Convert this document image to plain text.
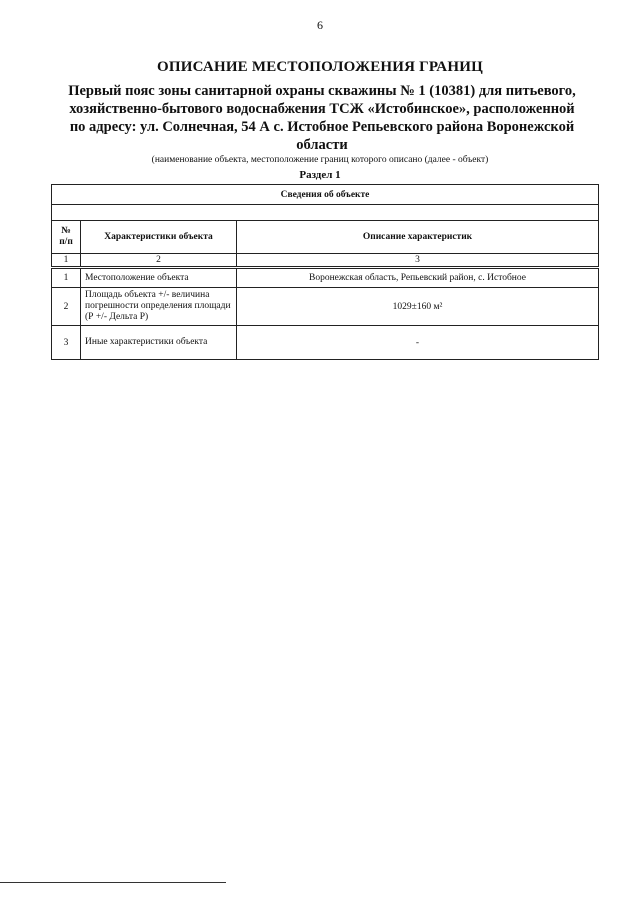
6
ОПИСАНИЕ МЕСТОПОЛОЖЕНИЯ ГРАНИЦ
Первый пояс зоны санитарной охраны скважины № 1 (10381) для питьевого,
хозяйственно-бытового водоснабжения ТСЖ «Истобинское», расположенной
по адресу: ул. Солнечная, 54 А с. Истобное Репьевского района Воронежской
области
(наименование объекта, местоположение границ которого описано (далее - объект)
Раздел 1
Сведения об объекте		

№
п/п	Характеристики объекта	Описание характеристик
1	2	3
1	Местоположение объекта	Воронежская область, Репьевский район, с. Истобное
2	Площадь объекта +/- величина погрешности определения площади (Р +/- Дельта Р)	1029±160 м²
3	Иные характеристики объекта	-
